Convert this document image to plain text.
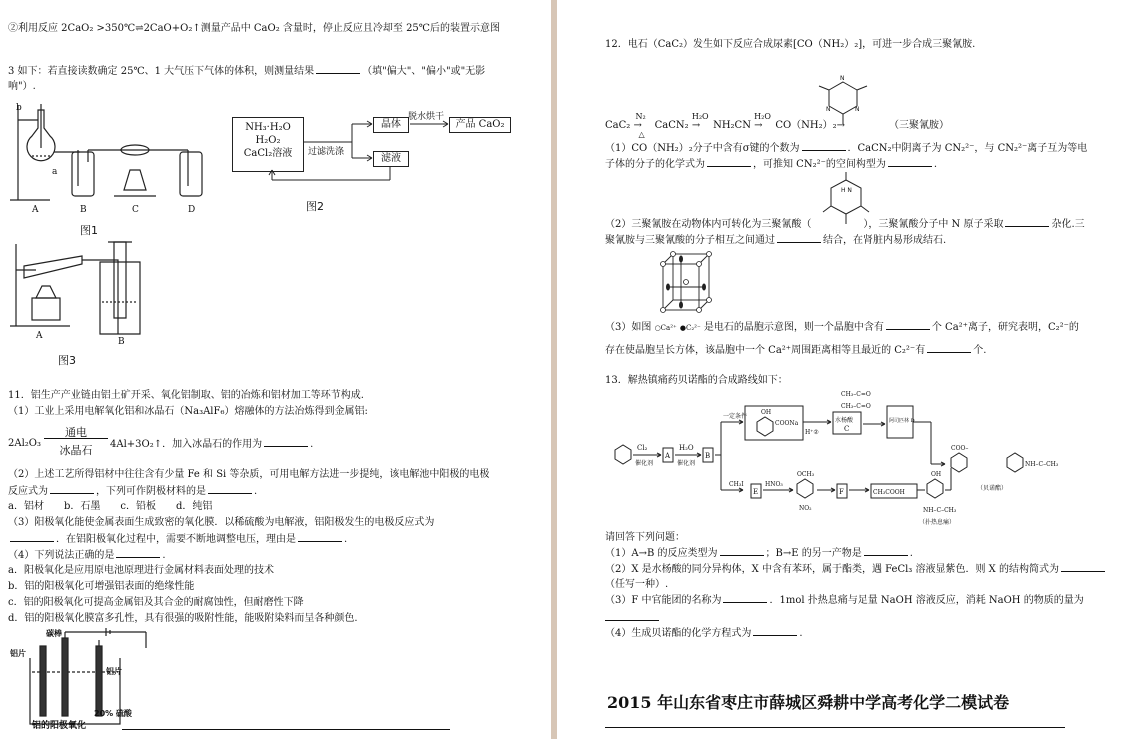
②利用反应 2CaO₂ >350℃⇌2CaO+O₂↑测量产品中 CaO₂ 含量时，停止反应且冷却至 25℃后的装置示意图
3 如下：若直接读数确定 25℃、1 大气压下气体的体积，则测量结果	（填"偏大"、"偏小"或"无影
响"）.
b
a
A	B	C	D
图1
NH₃·H₂O
H₂O₂
CaCl₂溶液	过滤洗涤
晶体
脱水烘干
产品 CaO₂
滤液
图2
A
B
图3
11．铝生产产业链由铝土矿开采、氧化铝制取、铝的冶炼和铝材加工等环节构成.
（1）工业上采用电解氧化铝和冰晶石（Na₃AlF₆）熔融体的方法冶炼得到金属铝:
2Al₂O₃
通电
冰晶石	4Al+3O₂↑．加入冰晶石的作用为	.
（2）上述工艺所得铝材中往往含有少量 Fe 和 Si 等杂质，可用电解方法进一步提纯，该电解池中阳极的电极
反应式为	，下列可作阴极材料的是	.
a．铝材　　b．石墨　　c．铅板　　d．纯铝
（3）阳极氧化能使金属表面生成致密的氧化膜．以稀硫酸为电解液，铝阳极发生的电极反应式为
．在铝阳极氧化过程中，需要不断地调整电压，理由是	.
（4）下列说法正确的是	.
a．阳极氧化是应用原电池原理进行金属材料表面处理的技术
b．铝的阳极氧化可增强铝表面的绝缘性能
c．铝的阳极氧化可提高金属铝及其合金的耐腐蚀性，但耐磨性下降
d．铝的阳极氧化膜富多孔性，具有很强的吸附性能，能吸附染料而呈各种颜色.
碳棒
铝片
铝片
20% 硫酸
铝的阳极氧化
12．电石（CaC₂）发生如下反应合成尿素[CO（NH₂）₂]，可进一步合成三聚氰胺.
N
N	N
CaC₂
N₂
→
△
CaCN₂
H₂O
→ NH₂CN
H₂O
→ CO（NH₂）₂→	（三聚氰胺）
（1）CO（NH₂）₂分子中含有σ键的个数为	．CaCN₂中阴离子为 CN₂²⁻，与 CN₂²⁻离子互为等电
子体的分子的化学式为	，可推知 CN₂²⁻的空间构型为	.
H N
（2）三聚氰胺在动物体内可转化为三聚氰酸（	），三聚氰酸分子中 N 原子采取	杂化.三
聚氰胺与三聚氰酸的分子相互之间通过	结合，在肾脏内易形成结石.
（3）如图 ○Ca²⁺ ●C₂²⁻ 是电石的晶胞示意图，则一个晶胞中含有	个 Ca²⁺离子，研究表明，C₂²⁻的
存在使晶胞呈长方体，该晶胞中一个 Ca²⁺周围距离相等且最近的 C₂²⁻有	个.
13．解热镇痛药贝诺酯的合成路线如下：
Cl₂
催化剂
A
H₂O
催化剂
B
一定条件
OH
COONa	水杨酸
C
H⁺②
CH₃–C=O
CH₃–C=O
阿司匹林 D
COO–
NH–C–CH₃
（贝诺酯）
CH₃I
E
OCH₃
HNO₃
NO₂
F	CH₃COOH
OH
NH–C–CH₃
（扑热息痛）
请回答下列问题：
（1）A→B 的反应类型为	；B→E 的另一产物是	.
（2）X 是水杨酸的同分异构体，X 中含有苯环，属于酯类，遇 FeCl₃ 溶液显紫色．则 X 的结构简式为
（任写一种）.
（3）F 中官能团的名称为	．1mol 扑热息痛与足量 NaOH 溶液反应，消耗 NaOH 的物质的量为
（4）生成贝诺酯的化学方程式为	.
2015 年山东省枣庄市薛城区舜耕中学高考化学二模试卷
